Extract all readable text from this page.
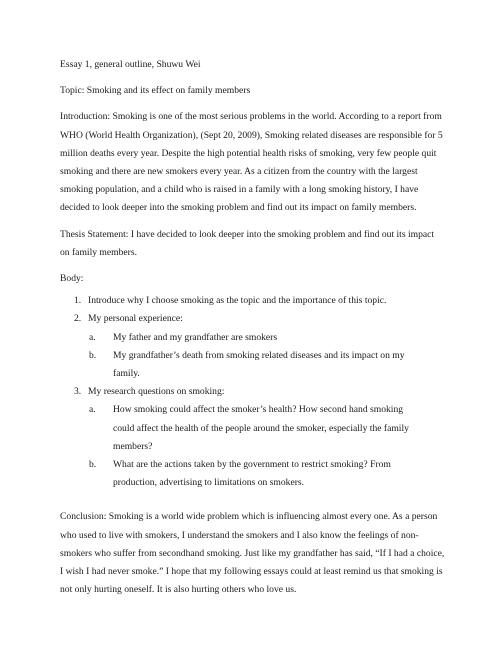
Essay 1, general outline, Shuwu Wei

Topic: Smoking and its effect on family members

Introduction: Smoking is one of the most serious problems in the world. According to a report from WHO (World Health Organization), (Sept 20, 2009), Smoking related diseases are responsible for 5 million deaths every year. Despite the high potential health risks of smoking, very few people quit smoking and there are new smokers every year. As a citizen from the country with the largest smoking population, and a child who is raised in a family with a long smoking history, I have decided to look deeper into the smoking problem and find out its impact on family members.

Thesis Statement: I have decided to look deeper into the smoking problem and find out its impact on family members.

Body:

1. Introduce why I choose smoking as the topic and the importance of this topic.
2. My personal experience:
a. My father and my grandfather are smokers
b. My grandfather’s death from smoking related diseases and its impact on my family.
3. My research questions on smoking:
a. How smoking could affect the smoker’s health? How second hand smoking could affect the health of the people around the smoker, especially the family members?
b. What are the actions taken by the government to restrict smoking? From production, advertising to limitations on smokers.

Conclusion: Smoking is a world wide problem which is influencing almost every one. As a person who used to live with smokers, I understand the smokers and I also know the feelings of non-smokers who suffer from secondhand smoking. Just like my grandfather has said, “If I had a choice, I wish I had never smoke.” I hope that my following essays could at least remind us that smoking is not only hurting oneself. It is also hurting others who love us.
